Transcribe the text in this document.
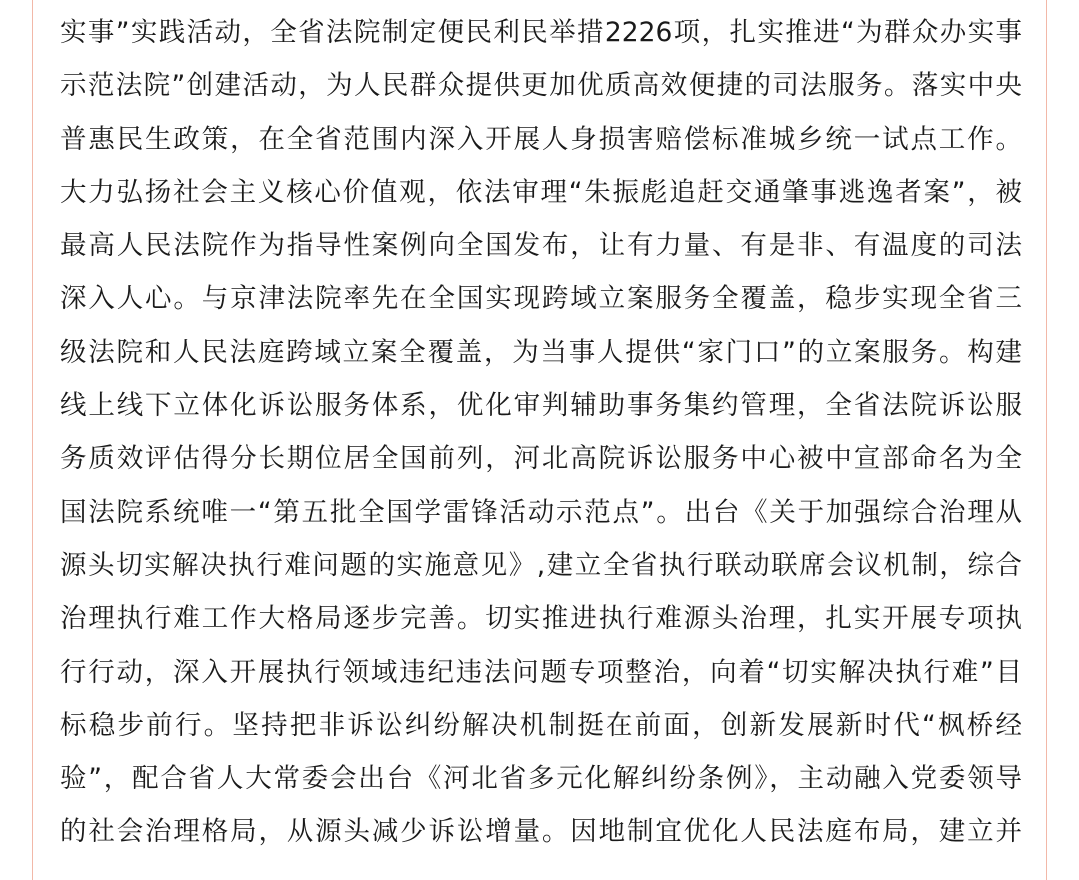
实事”实践活动，全省法院制定便民利民举措2226项，扎实推进“为群众办实事
示范法院”创建活动，为人民群众提供更加优质高效便捷的司法服务。落实中央
普惠民生政策，在全省范围内深入开展人身损害赔偿标准城乡统一试点工作。
大力弘扬社会主义核心价值观，依法审理“朱振彪追赶交通肇事逃逸者案”，被
最高人民法院作为指导性案例向全国发布，让有力量、有是非、有温度的司法
深入人心。与京津法院率先在全国实现跨域立案服务全覆盖，稳步实现全省三
级法院和人民法庭跨域立案全覆盖，为当事人提供“家门口”的立案服务。构建
线上线下立体化诉讼服务体系，优化审判辅助事务集约管理，全省法院诉讼服
务质效评估得分长期位居全国前列，河北高院诉讼服务中心被中宣部命名为全
国法院系统唯一“第五批全国学雷锋活动示范点”。出台《关于加强综合治理从
源头切实解决执行难问题的实施意见》,建立全省执行联动联席会议机制，综合
治理执行难工作大格局逐步完善。切实推进执行难源头治理，扎实开展专项执
行行动，深入开展执行领域违纪违法问题专项整治，向着“切实解决执行难”目
标稳步前行。坚持把非诉讼纠纷解决机制挺在前面，创新发展新时代“枫桥经
验”，配合省人大常委会出台《河北省多元化解纠纷条例》，主动融入党委领导
的社会治理格局，从源头减少诉讼增量。因地制宜优化人民法庭布局，建立并
